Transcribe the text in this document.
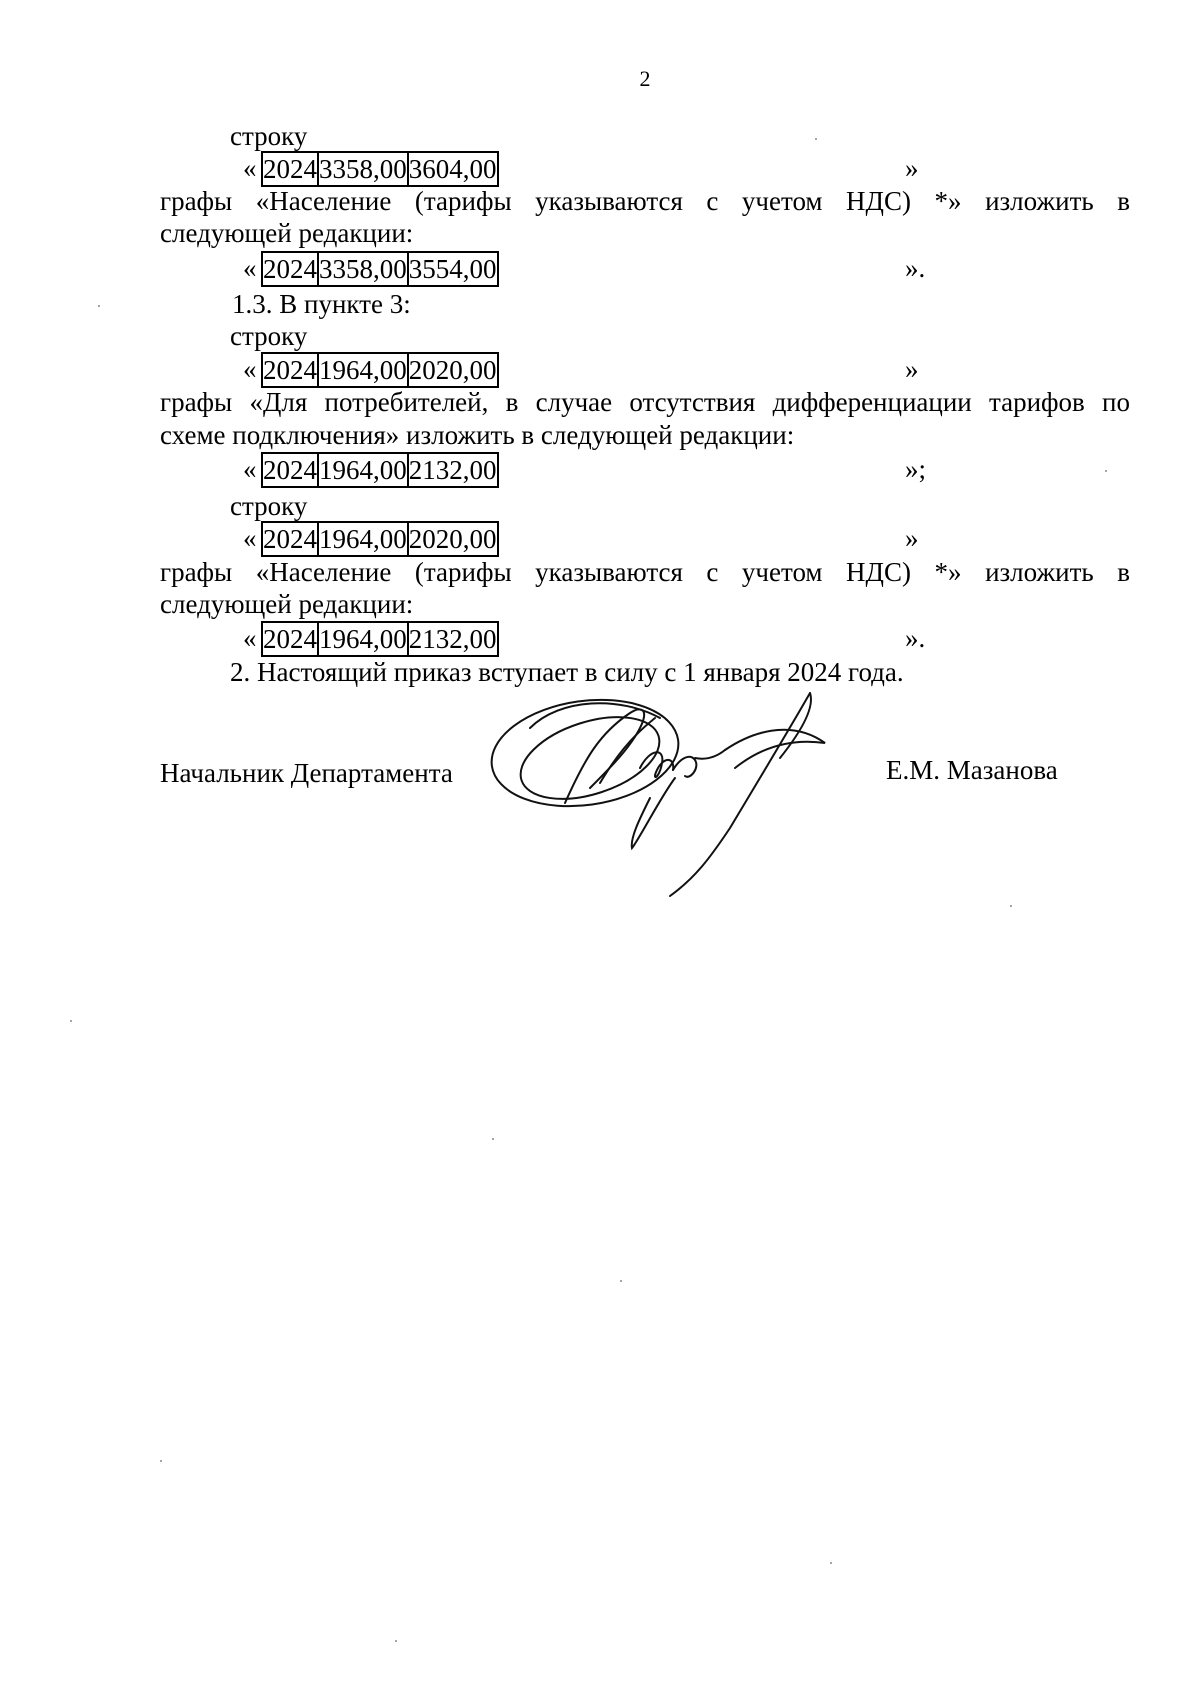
2
строку
« 2024	3358,00	3604,00	»
графы «Население (тарифы указываются с учетом НДС) *» изложить в
следующей редакции:
« 2024	3358,00	3554,00	».
1.3. В пункте 3:
строку
« 2024	1964,00	2020,00	»
графы «Для потребителей, в случае отсутствия дифференциации тарифов по
схеме подключения» изложить в следующей редакции:
« 2024	1964,00	2132,00	»;
строку
« 2024	1964,00	2020,00	»
графы «Население (тарифы указываются с учетом НДС) *» изложить в
следующей редакции:
« 2024	1964,00	2132,00	».
2. Настоящий приказ вступает в силу с 1 января 2024 года.
Начальник Департамента	Е.М. Мазанова
